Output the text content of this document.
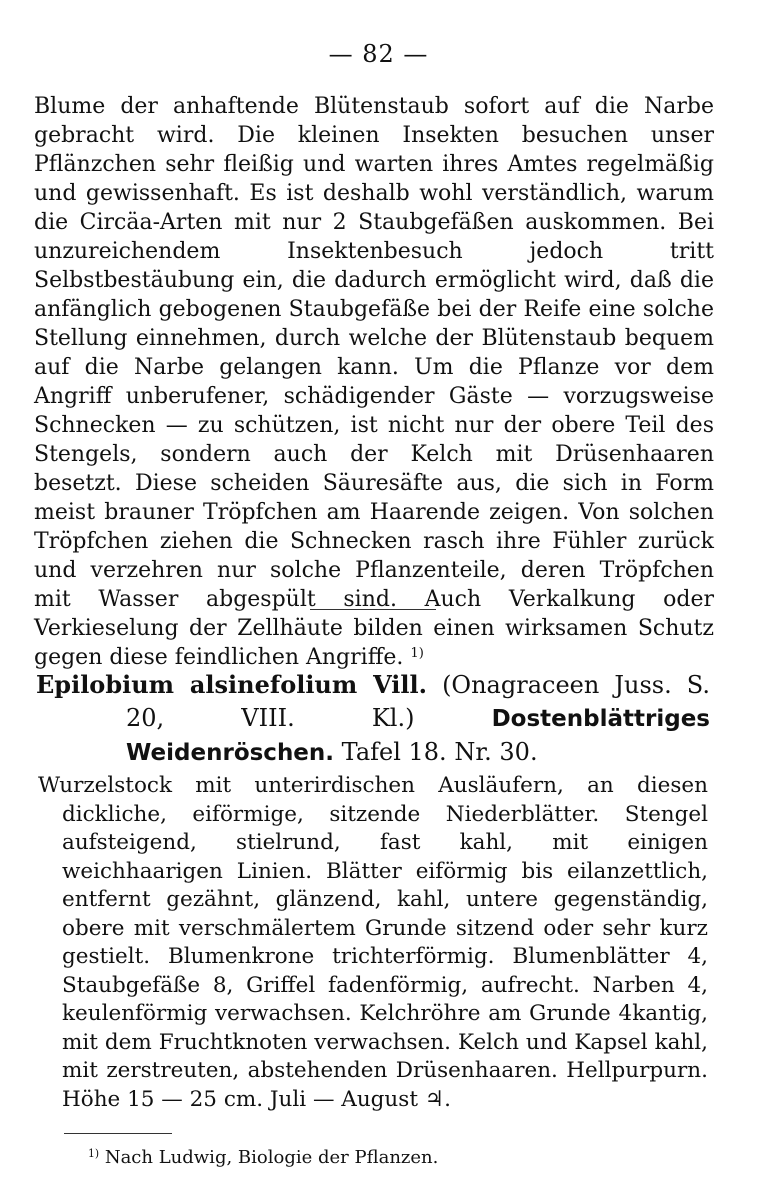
— 82 —

Blume der anhaftende Blütenstaub sofort auf die Narbe gebracht wird. Die kleinen Insekten besuchen unser Pflänzchen sehr fleißig und warten ihres Amtes regelmäßig und gewissenhaft. Es ist deshalb wohl verständlich, warum die Circäa-Arten mit nur 2 Staubgefäßen auskommen. Bei unzureichendem Insektenbesuch jedoch tritt Selbstbestäubung ein, die dadurch ermöglicht wird, daß die anfänglich gebogenen Staubgefäße bei der Reife eine solche Stellung einnehmen, durch welche der Blütenstaub bequem auf die Narbe gelangen kann. Um die Pflanze vor dem Angriff unberufener, schädigender Gäste — vorzugsweise Schnecken — zu schützen, ist nicht nur der obere Teil des Stengels, sondern auch der Kelch mit Drüsenhaaren besetzt. Diese scheiden Säuresäfte aus, die sich in Form meist brauner Tröpfchen am Haarende zeigen. Von solchen Tröpfchen ziehen die Schnecken rasch ihre Fühler zurück und verzehren nur solche Pflanzenteile, deren Tröpfchen mit Wasser abgespült sind. Auch Verkalkung oder Verkieselung der Zellhäute bilden einen wirksamen Schutz gegen diese feindlichen Angriffe. $^{1)}$

Epilobium alsinefolium Vill. (Onagraceen Juss. S. 20, VIII. Kl.)	Dostenblättriges Weidenröschen. Tafel 18. Nr. 30.

Wurzelstock mit unterirdischen Ausläufern, an diesen dickliche, eiförmige, sitzende Niederblätter. Stengel aufsteigend, stielrund, fast kahl, mit einigen weichhaarigen Linien. Blätter eiförmig bis eilanzettlich, entfernt gezähnt, glänzend, kahl, untere gegenständig, obere mit verschmälertem Grunde sitzend oder sehr kurz gestielt. Blumenkrone trichterförmig. Blumenblätter 4, Staubgefäße 8, Griffel fadenförmig, aufrecht. Narben 4, keulenförmig verwachsen. Kelchröhre am Grunde 4kantig, mit dem Fruchtknoten verwachsen. Kelch und Kapsel kahl, mit zerstreuten, abstehenden Drüsenhaaren. Hellpurpurn. Höhe 15 — 25 cm. Juli — August ♃.

$^{1)}$ Nach Ludwig, Biologie der Pflanzen.
